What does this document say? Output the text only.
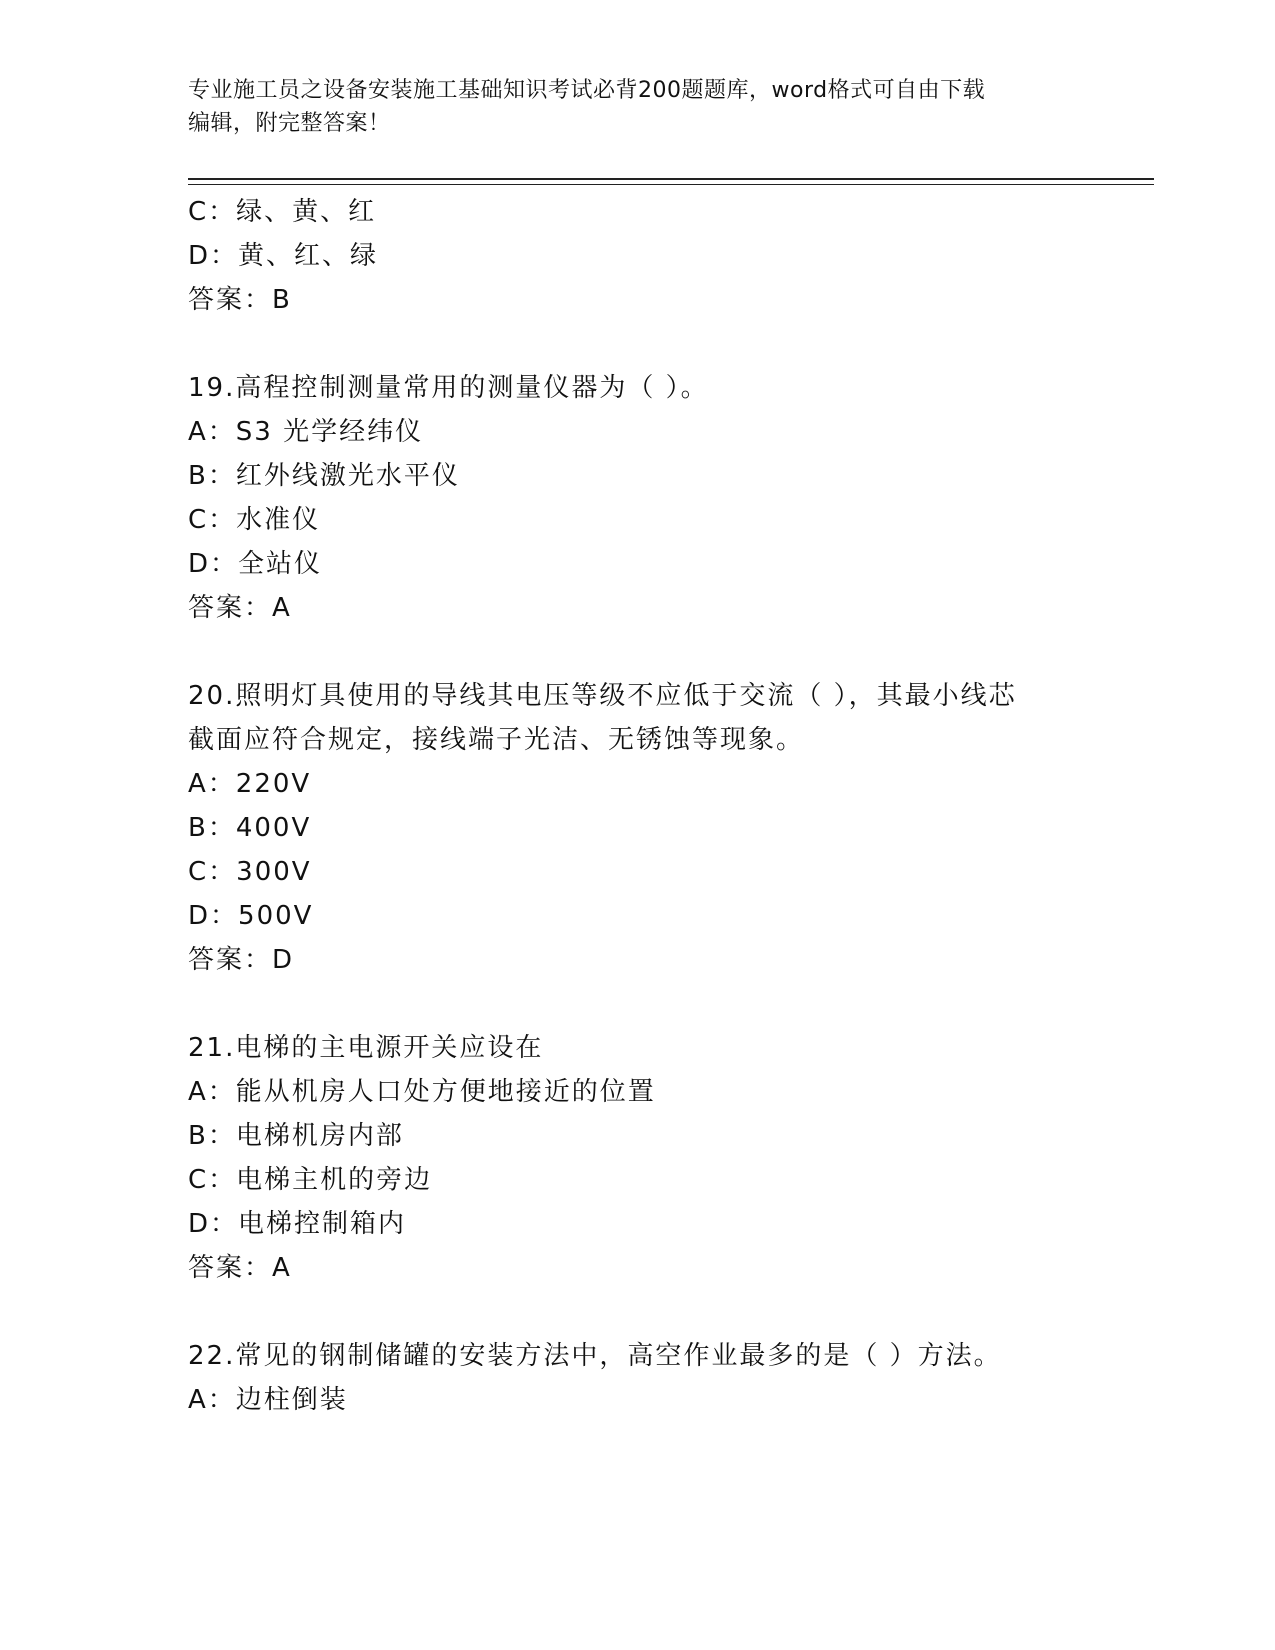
专业施工员之设备安装施工基础知识考试必背200题题库，word格式可自由下载
编辑，附完整答案！
C：绿、黄、红
D：黄、红、绿
答案：B
19.高程控制测量常用的测量仪器为（ ）。
A：S3 光学经纬仪
B：红外线激光水平仪
C：水准仪
D：全站仪
答案：A
20.照明灯具使用的导线其电压等级不应低于交流（ ），其最小线芯
截面应符合规定，接线端子光洁、无锈蚀等现象。
A：220V
B：400V
C：300V
D：500V
答案：D
21.电梯的主电源开关应设在
A：能从机房人口处方便地接近的位置
B：电梯机房内部
C：电梯主机的旁边
D：电梯控制箱内
答案：A
22.常见的钢制储罐的安装方法中，高空作业最多的是（ ）方法。
A：边柱倒装
